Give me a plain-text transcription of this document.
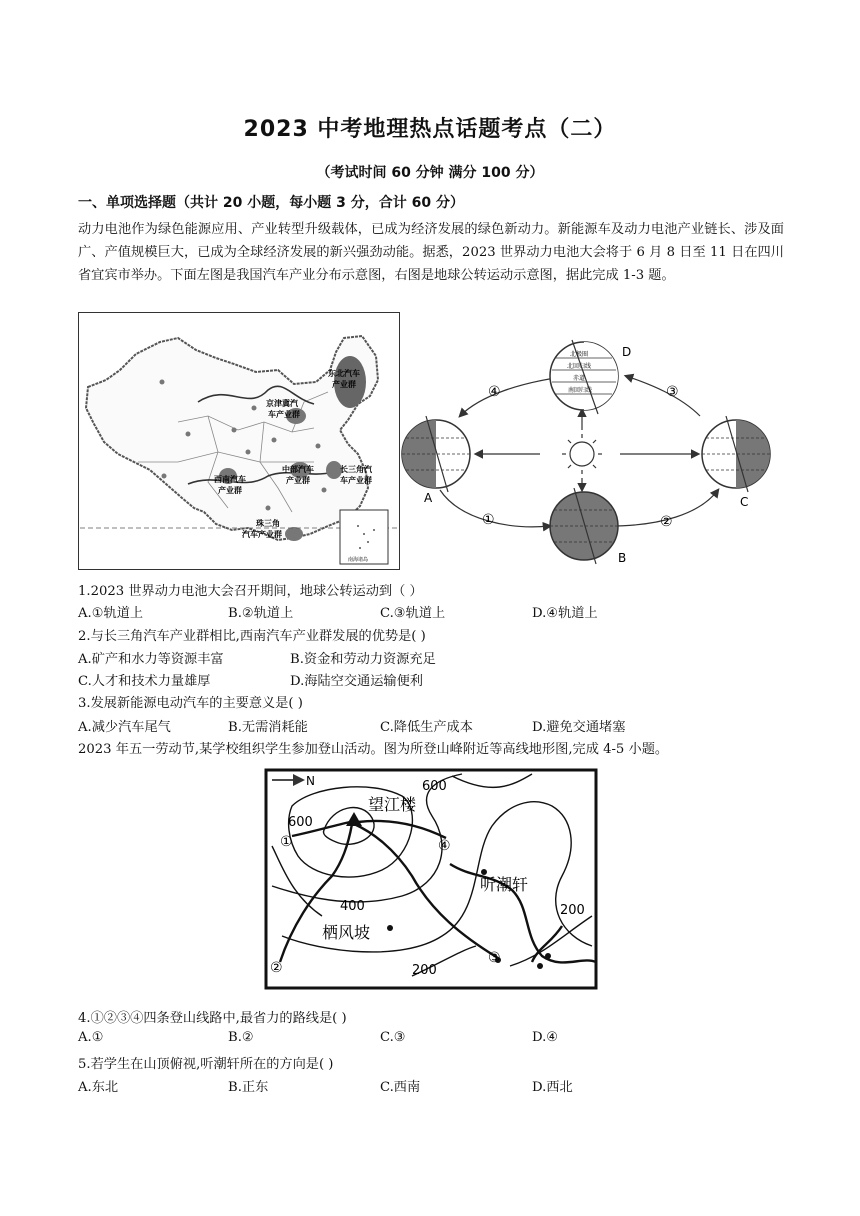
2023 中考地理热点话题考点（二）
（考试时间 60 分钟 满分 100 分）
一、单项选择题（共计 20 小题，每小题 3 分，合计 60 分）
动力电池作为绿色能源应用、产业转型升级载体，已成为经济发展的绿色新动力。新能源车及动力电池产业链长、涉及面广、产值规模巨大，已成为全球经济发展的新兴强劲动能。据悉，2023 世界动力电池大会将于 6 月 8 日至 11 日在四川省宜宾市举办。下面左图是我国汽车产业分布示意图，右图是地球公转运动示意图，据此完成 1-3 题。
东北汽车产业群
京津冀汽车产业群
中部汽车产业群
长三角汽车产业群
西南汽车产业群
珠三角汽车产业群
南海诸岛
北极圈 北回归线 赤道 南回归线
D
A
B
C
④	③
①	②
1.2023 世界动力电池大会召开期间，地球公转运动到（ ）
A.①轨道上	B.②轨道上	C.③轨道上	D.④轨道上
2.与长三角汽车产业群相比,西南汽车产业群发展的优势是( )
A.矿产和水力等资源丰富	B.资金和劳动力资源充足
C.人才和技术力量雄厚	D.海陆空交通运输便利
3.发展新能源电动汽车的主要意义是( )
A.减少汽车尾气	B.无需消耗能	C.降低生产成本	D.避免交通堵塞
2023 年五一劳动节,某学校组织学生参加登山活动。图为所登山峰附近等高线地形图,完成 4-5 小题。
N	600
600
400
200
200
望江楼
听潮轩
栖风坡
①
②
③
④
4.①②③④四条登山线路中,最省力的路线是( )
A.①	B.②	C.③	D.④
5.若学生在山顶俯视,听潮轩所在的方向是( )
A.东北	B.正东	C.西南	D.西北
